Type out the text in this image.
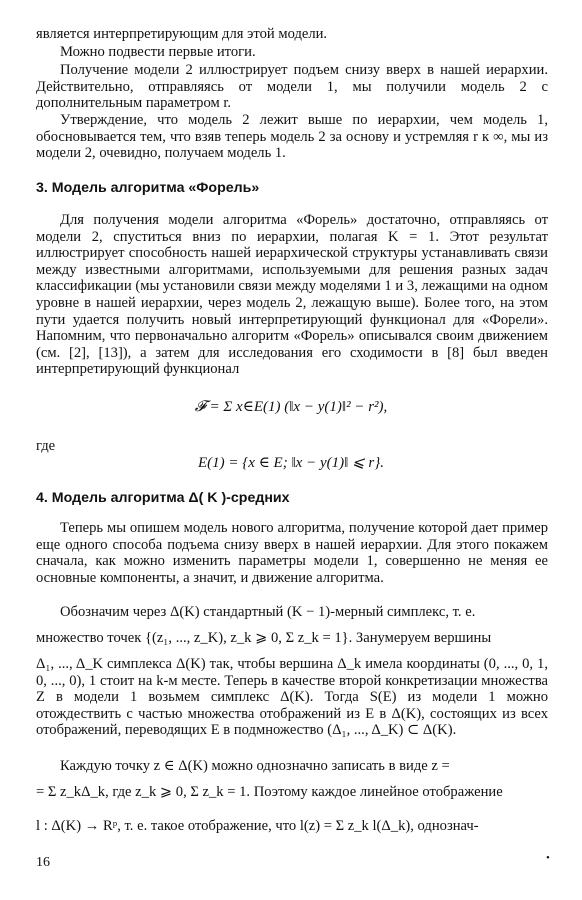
является интерпретирующим для этой модели.
Можно подвести первые итоги.
Получение модели 2 иллюстрирует подъем снизу вверх в нашей иерархии. Действительно, отправляясь от модели 1, мы получили модель 2 с дополнительным параметром r.
Утверждение, что модель 2 лежит выше по иерархии, чем модель 1, обосновывается тем, что взяв теперь модель 2 за основу и устремляя r к ∞, мы из модели 2, очевидно, получаем модель 1.
3. Модель алгоритма «Форель»
Для получения модели алгоритма «Форель» достаточно, отправляясь от модели 2, спуститься вниз по иерархии, полагая K = 1. Этот результат иллюстрирует способность нашей иерархической структуры устанавливать связи между известными алгоритмами, используемыми для решения разных задач классификации (мы установили связи между моделями 1 и 3, лежащими на одном уровне в нашей иерархии, через модель 2, лежащую выше). Более того, на этом пути удается получить новый интерпретирующий функционал для «Форели». Напомним, что первоначально алгоритм «Форель» описывался своим движением (см. [2], [13]), а затем для исследования его сходимости в [8] был введен интерпретирующий функционал
𝓕 = Σ x∈E(1) (‖x − y(1)‖² − r²),
где
E(1) = {x ∈ E; ‖x − y(1)‖ ⩽ r}.
4. Модель алгоритма Δ( K )-средних
Теперь мы опишем модель нового алгоритма, получение которой дает пример еще одного способа подъема снизу вверх в нашей иерархии. Для этого покажем сначала, как можно изменить параметры модели 1, совершенно не меняя ее основные компоненты, а значит, и движение алгоритма.
Обозначим через Δ(K) стандартный (K − 1)-мерный симплекс, т. е.
множество точек {(z₁, ..., z_K), z_k ⩾ 0, Σ z_k = 1}. Занумеруем вершины
Δ₁, ..., Δ_K симплекса Δ(K) так, чтобы вершина Δ_k имела координаты (0, ..., 0, 1, 0, ..., 0), 1 стоит на k-м месте. Теперь в качестве второй конкретизации множества Z в модели 1 возьмем симплекс Δ(K). Тогда S(E) из модели 1 можно отождествить с частью множества отображений из E в Δ(K), состоящих из всех отображений, переводящих E в подмножество (Δ₁, ..., Δ_K) ⊂ Δ(K).
Каждую точку z ∈ Δ(K) можно однозначно записать в виде z =
= Σ z_kΔ_k, где z_k ⩾ 0, Σ z_k = 1. Поэтому каждое линейное отображение
l : Δ(K) → Rᵖ, т. е. такое отображение, что l(z) = Σ z_k l(Δ_k), однознач-
16	•
